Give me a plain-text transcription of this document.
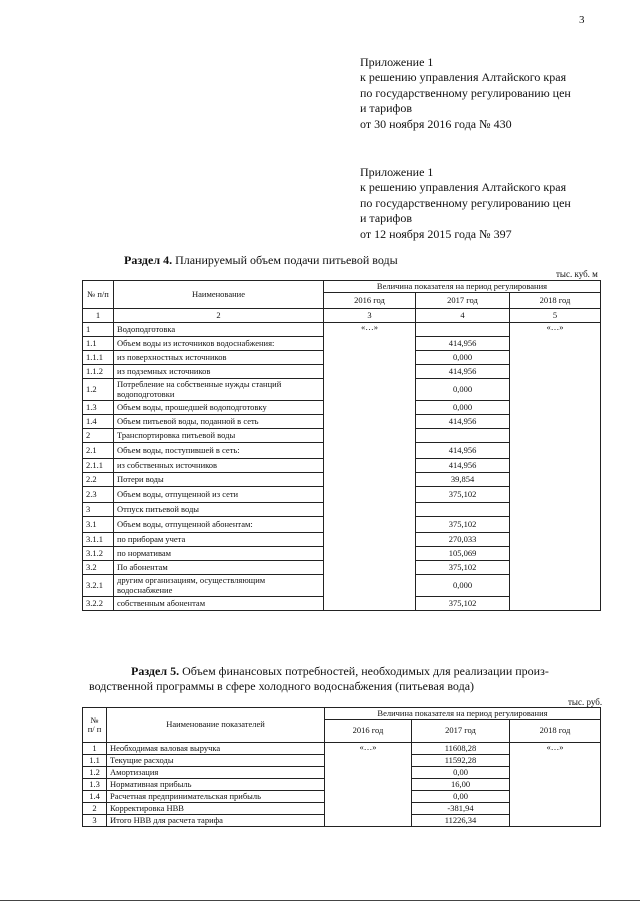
3
Приложение 1
к решению управления Алтайского края
по государственному регулированию цен
и тарифов
от 30 ноября 2016 года № 430
Приложение 1
к решению управления Алтайского края
по государственному регулированию цен
и тарифов
от 12 ноября 2015 года № 397
Раздел 4. Планируемый объем подачи питьевой воды
тыс. куб. м
№ п/п	Наименование	Величина показателя на период регулирования		
		2016 год	2017 год	2018 год
1	2	3	4	5
1	Водоподготовка	«…»		«…»
1.1	Объем воды из источников водоснабжения:		414,956	
1.1.1	из поверхностных источников		0,000	
1.1.2	из подземных источников		414,956	
1.2	Потребление на собственные нужды станций водоподготовки		0,000	
1.3	Объем воды, прошедшей водоподготовку		0,000	
1.4	Объем питьевой воды, поданной в сеть		414,956	
2	Транспортировка питьевой воды			
2.1	Объем воды, поступившей в сеть:		414,956	
2.1.1	из собственных источников		414,956	
2.2	Потери воды		39,854	
2.3	Объем воды, отпущенной из сети		375,102	
3	Отпуск питьевой воды			
3.1	Объем воды, отпущенной абонентам:		375,102	
3.1.1	по приборам учета		270,033	
3.1.2	по нормативам		105,069	
3.2	По абонентам		375,102	
3.2.1	другим организациям, осуществляющим водоснабжение		0,000	
3.2.2	собственным абонентам		375,102	
Раздел 5. Объем финансовых потребностей, необходимых для реализации произ-
водственной программы в сфере холодного водоснабжения (питьевая вода)
тыс. руб.
№ п/ п	Наименование показателей	Величина показателя на период регулирования		
		2016 год	2017 год	2018 год
1	Необходимая валовая выручка	«…»	11608,28	«…»
1.1	Текущие расходы		11592,28	
1.2	Амортизация		0,00	
1.3	Нормативная прибыль		16,00	
1.4	Расчетная предпринимательская прибыль		0,00	
2	Корректировка НВВ		-381,94	
3	Итого НВВ для расчета тарифа		11226,34	
